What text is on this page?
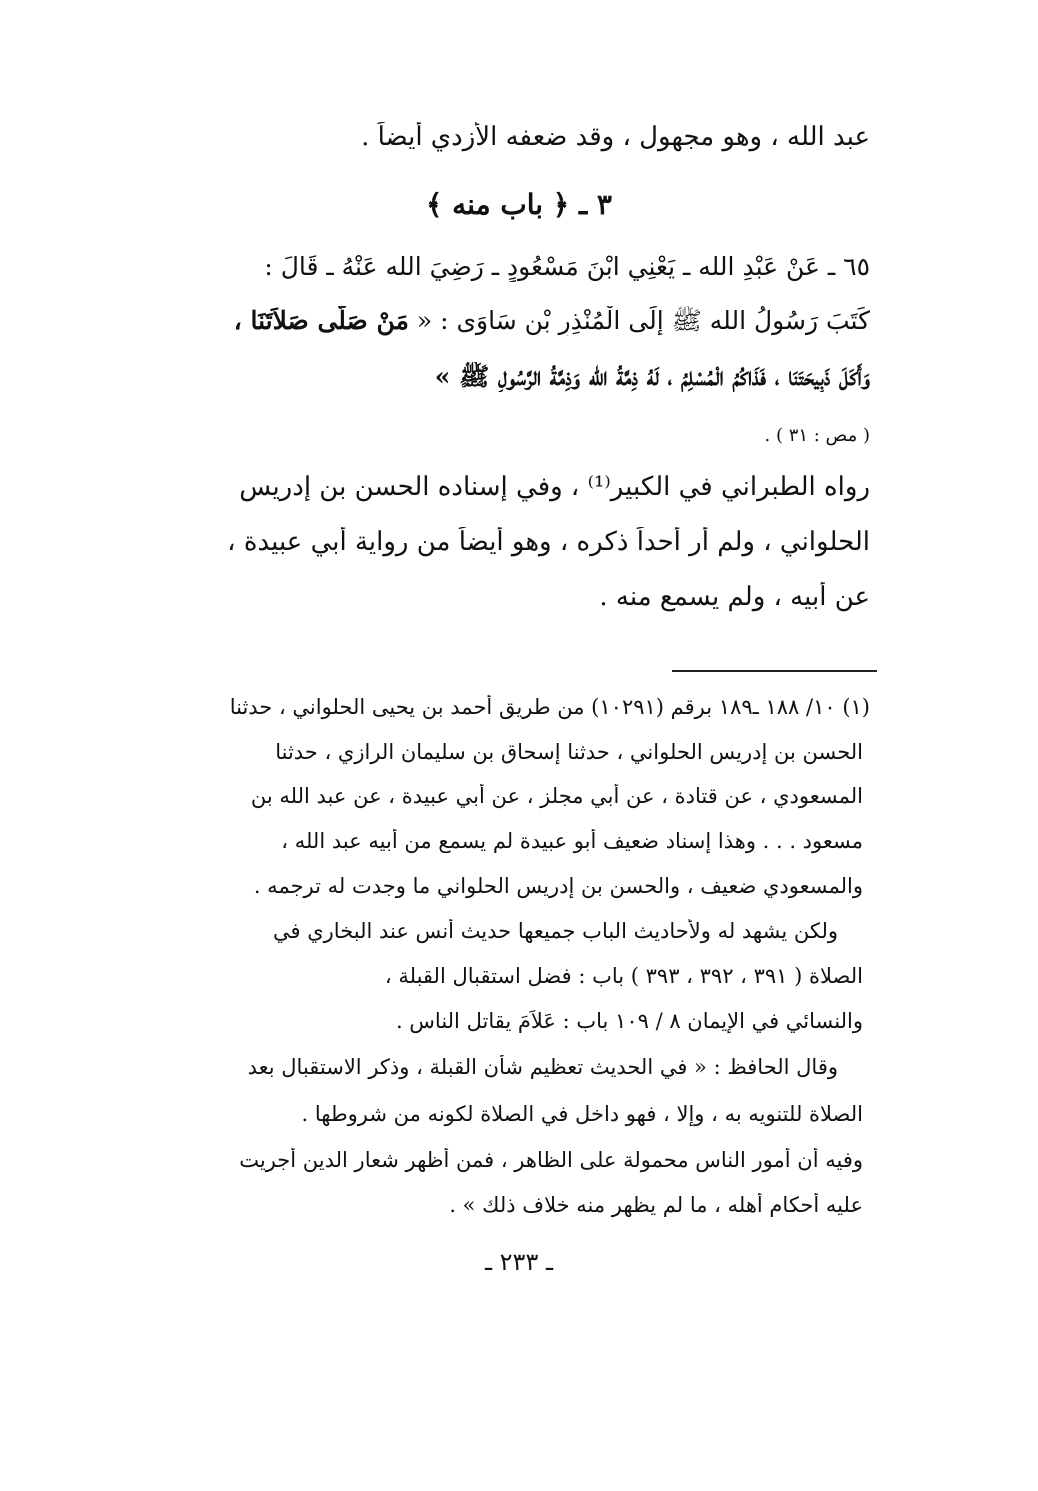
عبد الله ، وهو مجهول ، وقد ضعفه الأزدي أيضاً .
٣ ـ ﴿ باب منه ﴾
٦٥ ـ عَنْ عَبْدِ الله ـ يَعْنِي ابْنَ مَسْعُودٍ ـ رَضِيَ الله عَنْهُ ـ قَالَ :
كَتَبَ رَسُولُ الله ﷺ إِلَى الْمُنْذِرِ بْنِ سَاوَى : « مَنْ صَلَّى صَلاَتَنَا ،
وَأَكَلَ ذَبِيحَتَنَا ، فَذَاكُمُ الْمُسْلِمُ ، لَهُ ذِمَّةُ الله وَذِمَّةُ الرَّسُولِ ﷺ »
( مص : ٣١ ) .
رواه الطبراني في الكبير⁽¹⁾ ، وفي إسناده الحسن بن إدريس
الحلواني ، ولم أر أحداً ذكره ، وهو أيضاً من رواية أبي عبيدة ،
عن أبيه ، ولم يسمع منه .
(١) ١٠/ ١٨٨ ـ١٨٩ برقم (١٠٢٩١) من طريق أحمد بن يحيى الحلواني ، حدثنا
الحسن بن إدريس الحلواني ، حدثنا إسحاق بن سليمان الرازي ، حدثنا
المسعودي ، عن قتادة ، عن أبي مجلز ، عن أبي عبيدة ، عن عبد الله بن
مسعود . . . وهذا إسناد ضعيف أبو عبيدة لم يسمع من أبيه عبد الله ،
والمسعودي ضعيف ، والحسن بن إدريس الحلواني ما وجدت له ترجمه .
ولكن يشهد له ولأحاديث الباب جميعها حديث أنس عند البخاري في
الصلاة ( ٣٩١ ، ٣٩٢ ، ٣٩٣ ) باب : فضل استقبال القبلة ،
والنسائي في الإيمان ٨ / ١٠٩ باب : عَلاَمَ يقاتل الناس .
وقال الحافظ : « في الحديث تعظيم شأن القبلة ، وذكر الاستقبال بعد
الصلاة للتنويه به ، وإلا ، فهو داخل في الصلاة لكونه من شروطها .
وفيه أن أمور الناس محمولة على الظاهر ، فمن أظهر شعار الدين أجريت
عليه أحكام أهله ، ما لم يظهر منه خلاف ذلك » .
ـ ٢٣٣ ـ
